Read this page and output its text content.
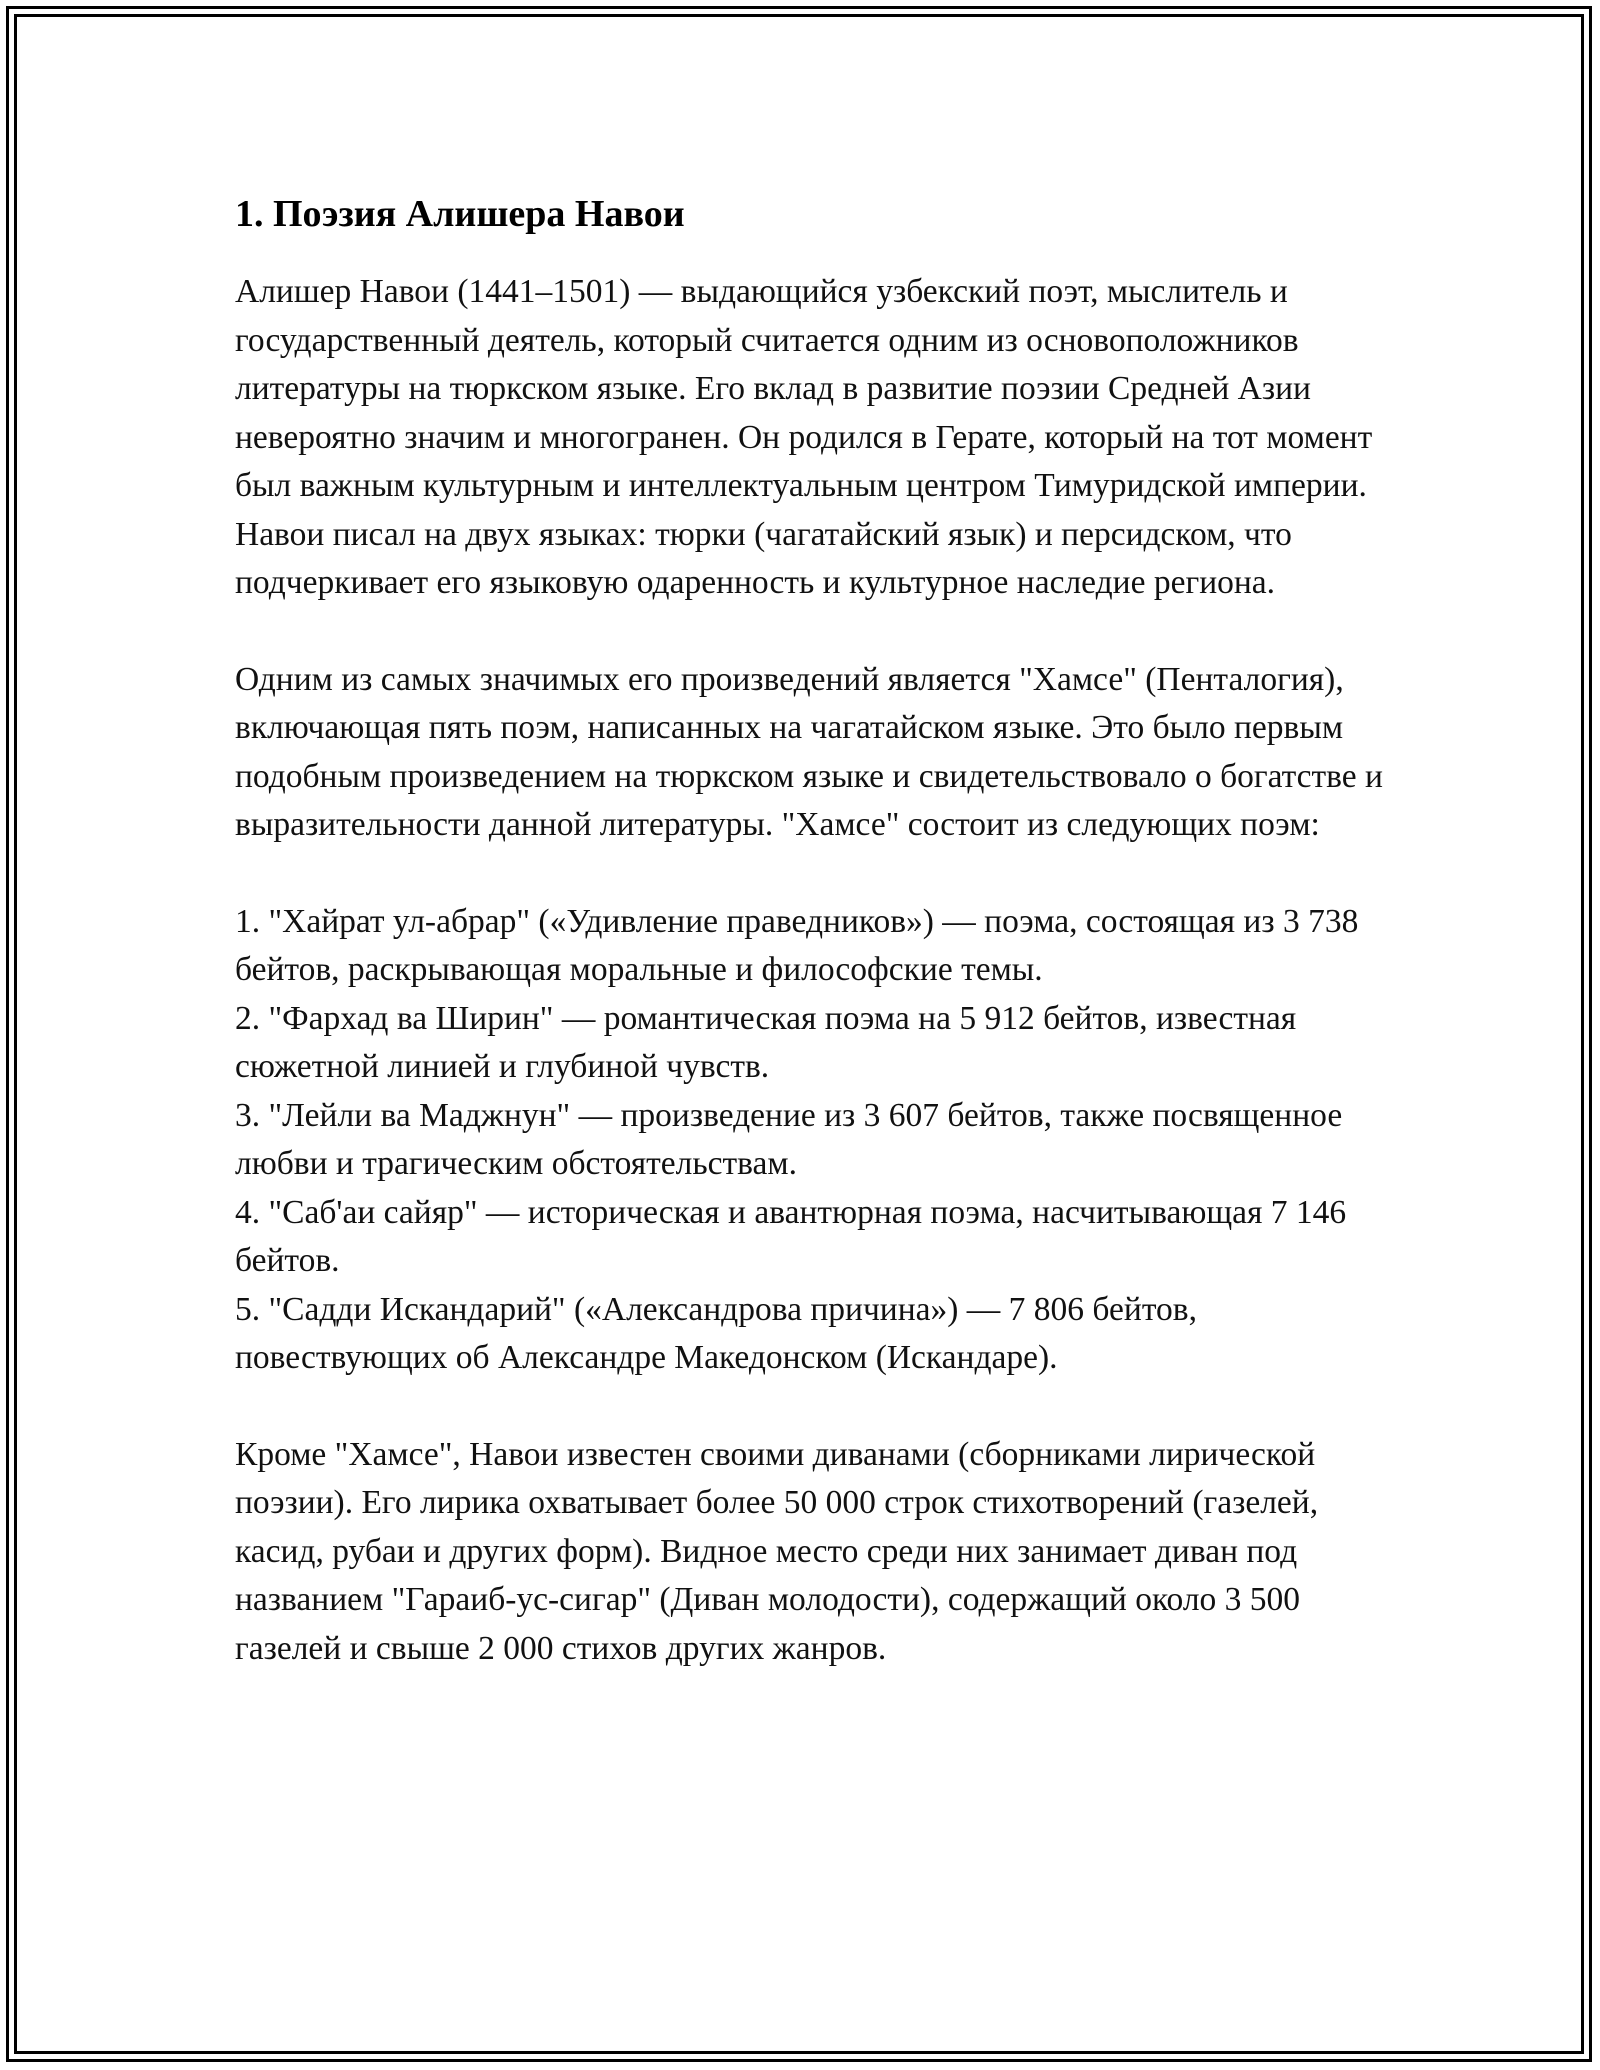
1. Поэзия Алишера Навои

Алишер Навои (1441–1501) — выдающийся узбекский поэт, мыслитель и государственный деятель, который считается одним из основоположников литературы на тюркском языке. Его вклад в развитие поэзии Средней Азии невероятно значим и многогранен. Он родился в Герате, который на тот момент был важным культурным и интеллектуальным центром Тимуридской империи. Навои писал на двух языках: тюрки (чагатайский язык) и персидском, что подчеркивает его языковую одаренность и культурное наследие региона.

Одним из самых значимых его произведений является "Хамсе" (Пенталогия), включающая пять поэм, написанных на чагатайском языке. Это было первым подобным произведением на тюркском языке и свидетельствовало о богатстве и выразительности данной литературы. "Хамсе" состоит из следующих поэм:

1. "Хайрат ул-абрар" («Удивление праведников») — поэма, состоящая из 3 738 бейтов, раскрывающая моральные и философские темы.
2. "Фархад ва Ширин" — романтическая поэма на 5 912 бейтов, известная сюжетной линией и глубиной чувств.
3. "Лейли ва Маджнун" — произведение из 3 607 бейтов, также посвященное любви и трагическим обстоятельствам.
4. "Саб'аи сайяр" — историческая и авантюрная поэма, насчитывающая 7 146 бейтов.
5. "Садди Искандарий" («Александрова причина») — 7 806 бейтов, повествующих об Александре Македонском (Искандаре).

Кроме "Хамсе", Навои известен своими диванами (сборниками лирической поэзии). Его лирика охватывает более 50 000 строк стихотворений (газелей, касид, рубаи и других форм). Видное место среди них занимает диван под названием "Гараиб-ус-сигар" (Диван молодости), содержащий около 3 500 газелей и свыше 2 000 стихов других жанров.
